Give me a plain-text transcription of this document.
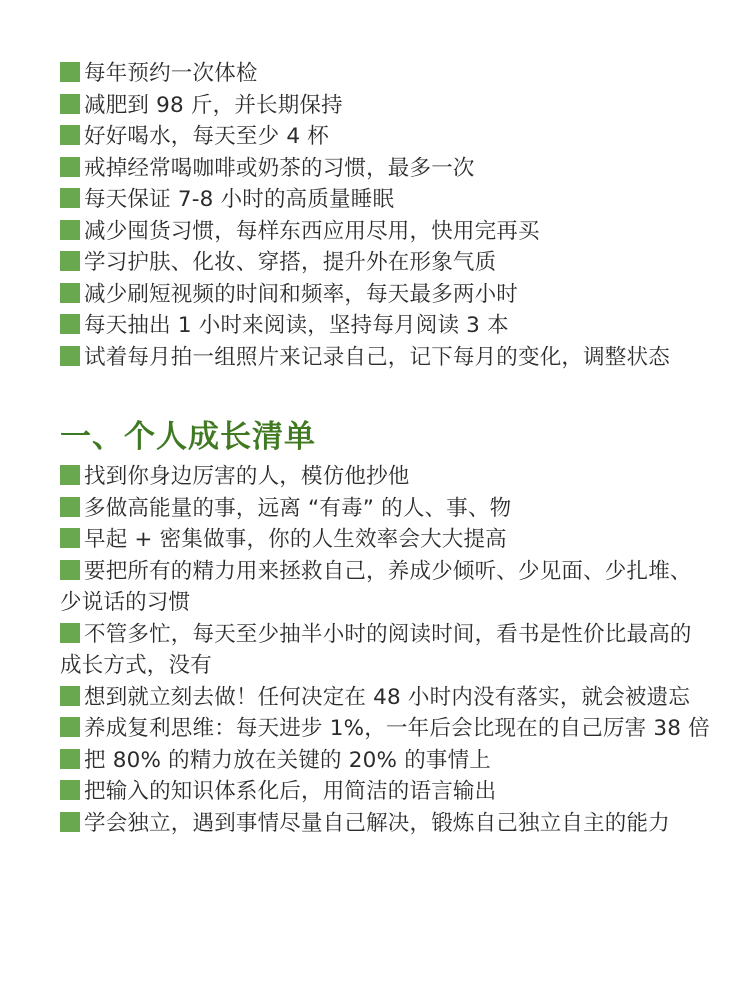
每年预约一次体检
减肥到 98 斤，并长期保持
好好喝水，每天至少 4 杯
戒掉经常喝咖啡或奶茶的习惯，最多一次
每天保证 7-8 小时的高质量睡眠
减少囤货习惯，每样东西应用尽用，快用完再买
学习护肤、化妆、穿搭，提升外在形象气质
减少刷短视频的时间和频率，每天最多两小时
每天抽出 1 小时来阅读，坚持每月阅读 3 本
试着每月拍一组照片来记录自己，记下每月的变化，调整状态
一、个人成长清单
找到你身边厉害的人，模仿他抄他
多做高能量的事，远离 “有毒” 的人、事、物
早起 + 密集做事，你的人生效率会大大提高
要把所有的精力用来拯救自己，养成少倾听、少见面、少扎堆、少说话的习惯
不管多忙，每天至少抽半小时的阅读时间，看书是性价比最高的成长方式，没有
想到就立刻去做！任何决定在 48 小时内没有落实，就会被遗忘
养成复利思维：每天进步 1%，一年后会比现在的自己厉害 38 倍
把 80% 的精力放在关键的 20% 的事情上
把输入的知识体系化后，用简洁的语言输出
学会独立，遇到事情尽量自己解决，锻炼自己独立自主的能力
